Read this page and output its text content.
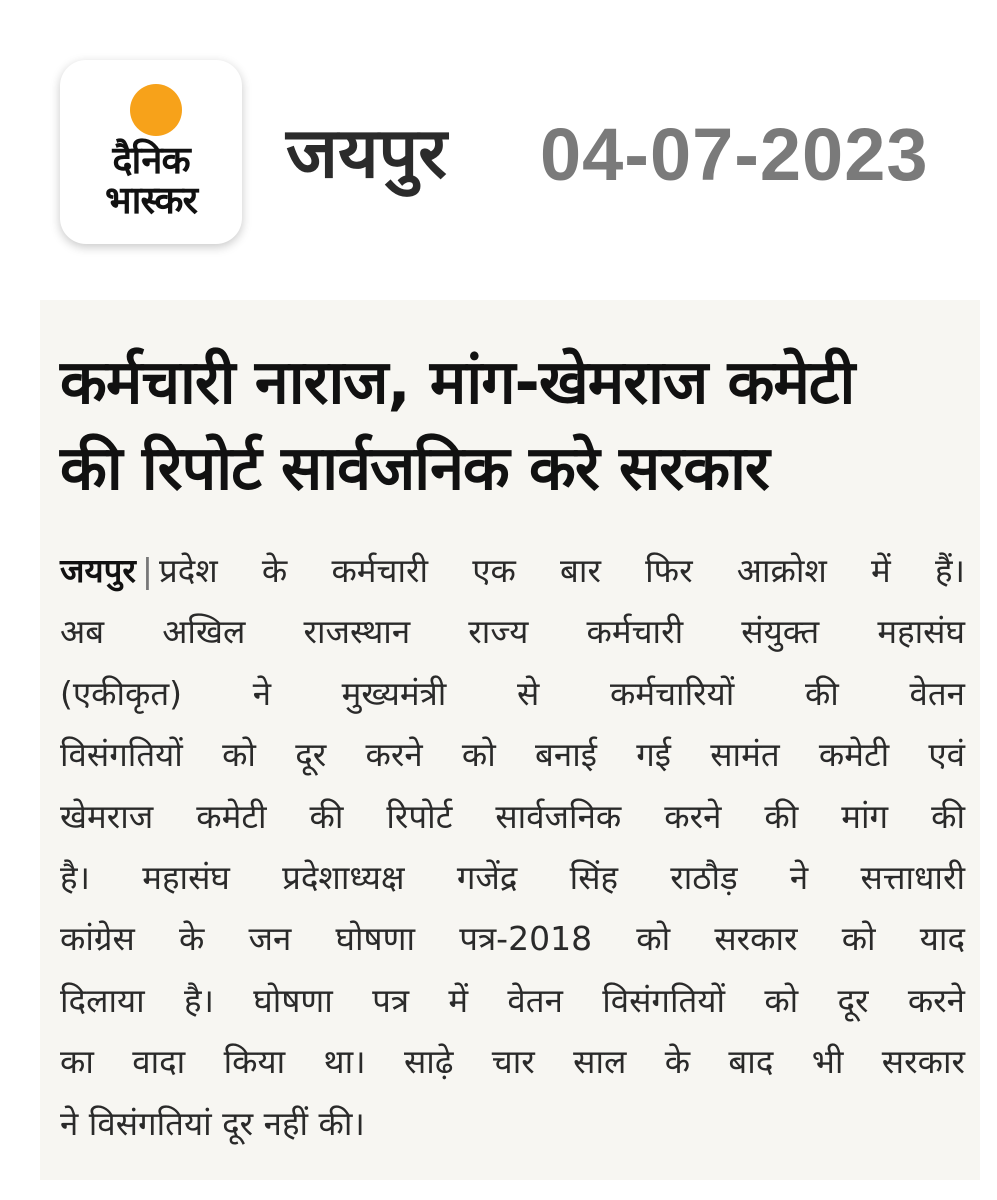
दैनिक
भास्कर
जयपुर 04-07-2023
कर्मचारी नाराज, मांग-खेमराज कमेटी
की रिपोर्ट सार्वजनिक करे सरकार
जयपुर | प्रदेश के कर्मचारी एक बार फिर आक्रोश में हैं।
अब अखिल राजस्थान राज्य कर्मचारी संयुक्त महासंघ
(एकीकृत) ने मुख्यमंत्री से कर्मचारियों की वेतन
विसंगतियों को दूर करने को बनाई गई सामंत कमेटी एवं
खेमराज कमेटी की रिपोर्ट सार्वजनिक करने की मांग की
है। महासंघ प्रदेशाध्यक्ष गजेंद्र सिंह राठौड़ ने सत्ताधारी
कांग्रेस के जन घोषणा पत्र-2018 को सरकार को याद
दिलाया है। घोषणा पत्र में वेतन विसंगतियों को दूर करने
का वादा किया था। साढ़े चार साल के बाद भी सरकार
ने विसंगतियां दूर नहीं की।
